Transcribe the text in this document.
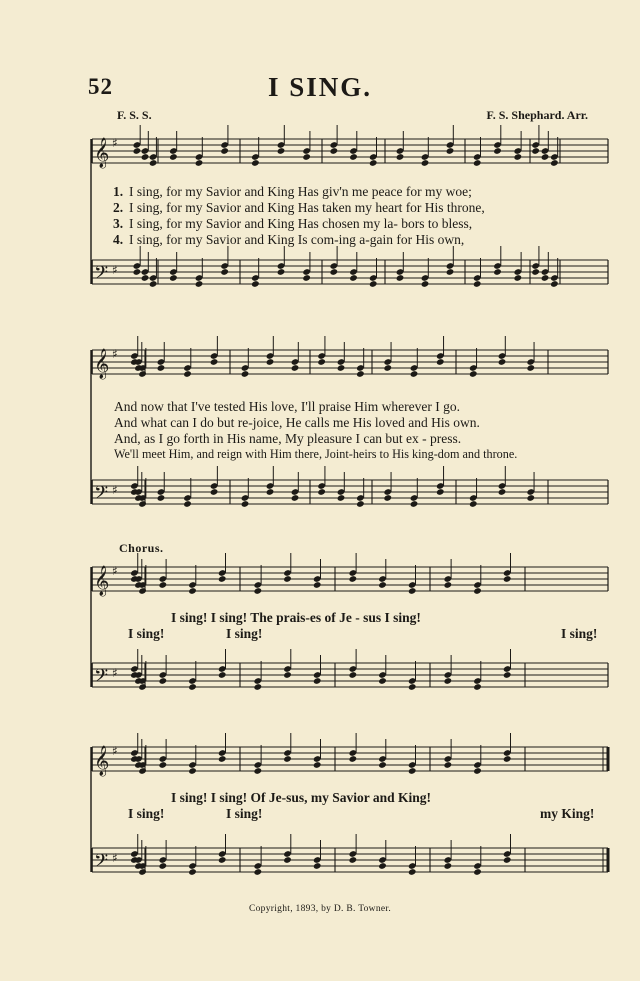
52	I SING.
F. S. S.	F. S. Shephard. Arr.
𝄞 ♯
𝄢 ♯
𝄞 ♯
𝄢 ♯
𝄞 ♯
𝄢 ♯
𝄞 ♯
𝄢 ♯
1. I sing, for my Savior and King Has giv'n me peace for my woe;
2. I sing, for my Savior and King Has taken my heart for His throne,
3. I sing, for my Savior and King Has chosen my la- bors to bless,
4. I sing, for my Savior and King Is com-ing a-gain for His own,
And now that I've tested His love, I'll praise Him wherever I go.
And what can I do but re-joice, He calls me His loved and His own.
And, as I go forth in His name, My pleasure I can but ex - press.
We'll meet Him, and reign with Him there, Joint-heirs to His king-dom and throne.
Chorus.
I sing! I sing! The prais-es of Je - sus I sing!
I sing!	I sing!	I sing!
I sing! I sing! Of Je-sus, my Savior and King!
I sing!	I sing!	my King!
Copyright, 1893, by D. B. Towner.
